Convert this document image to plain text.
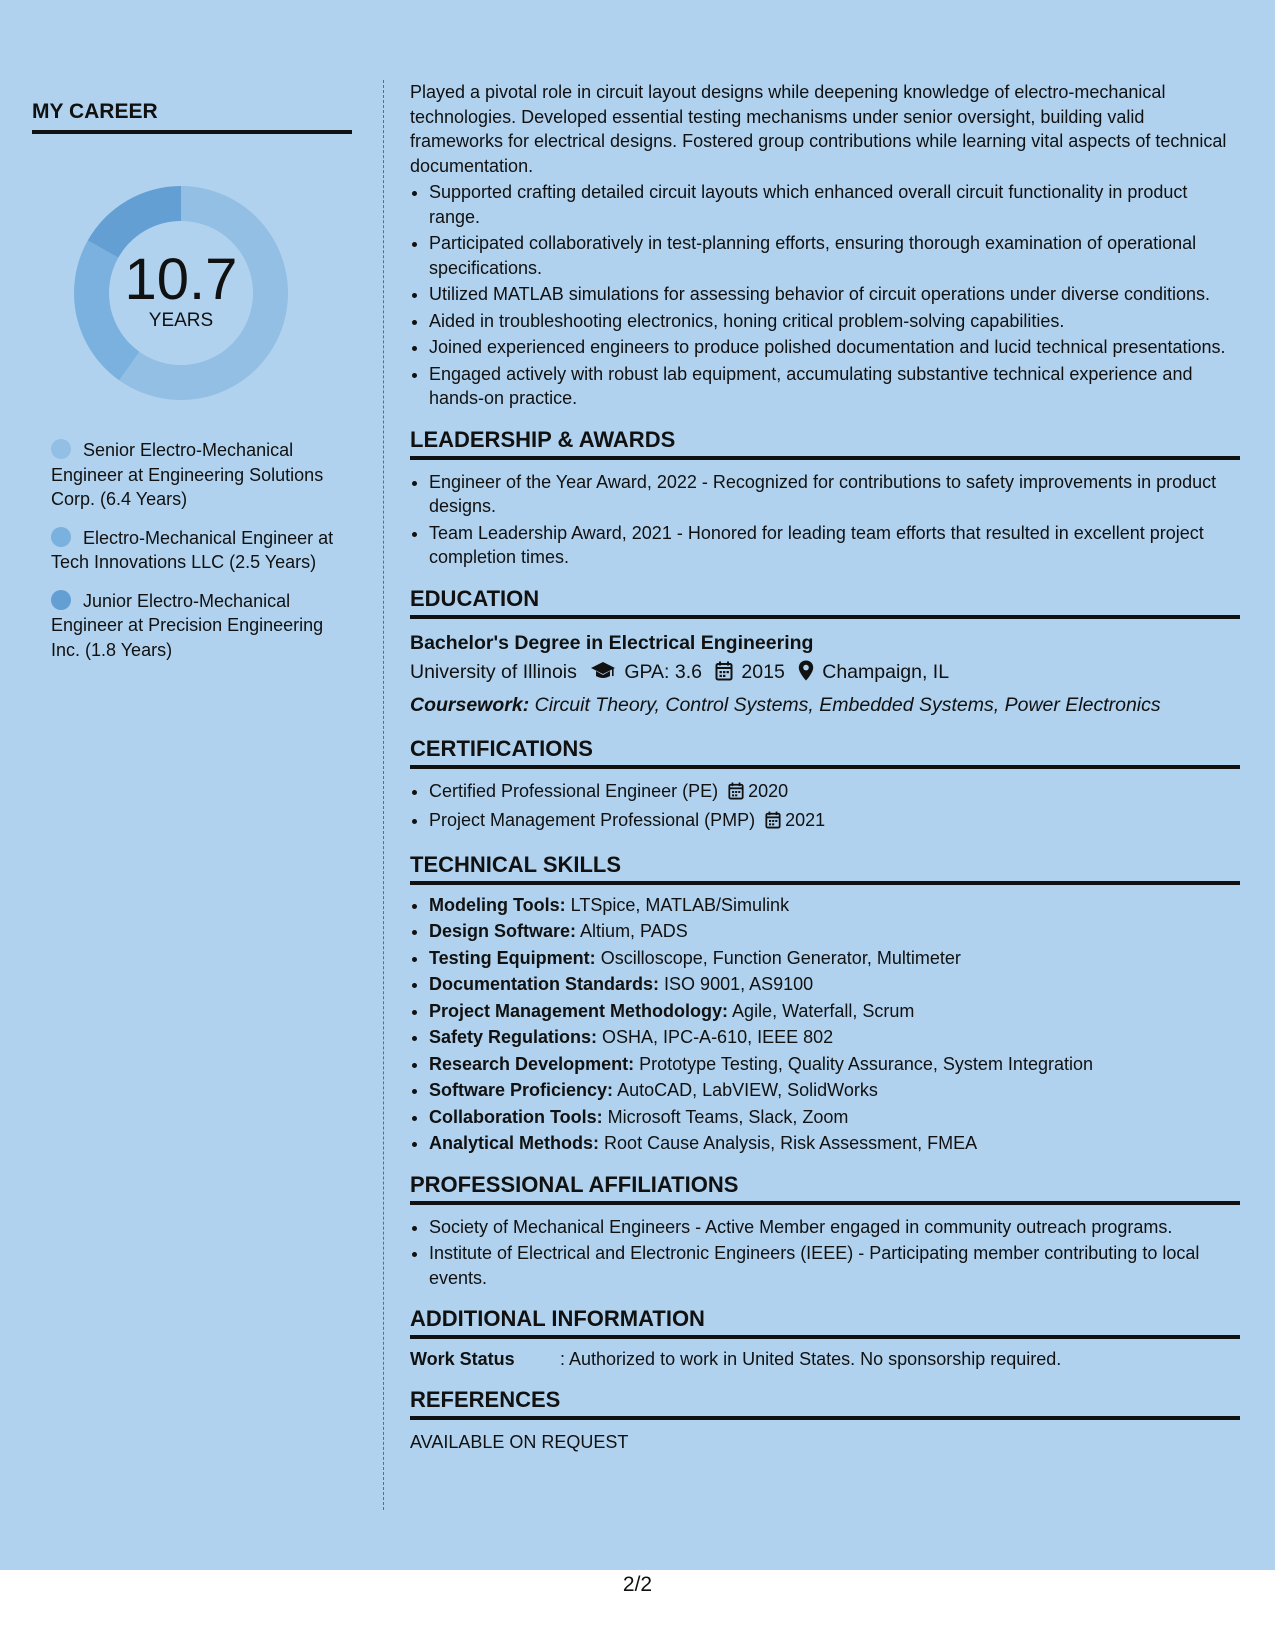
MY CAREER
10.7
YEARS
Senior Electro-Mechanical Engineer at Engineering Solutions Corp. (6.4 Years)
Electro-Mechanical Engineer at Tech Innovations LLC (2.5 Years)
Junior Electro-Mechanical Engineer at Precision Engineering Inc. (1.8 Years)

Played a pivotal role in circuit layout designs while deepening knowledge of electro-mechanical technologies. Developed essential testing mechanisms under senior oversight, building valid frameworks for electrical designs. Fostered group contributions while learning vital aspects of technical documentation.

• Supported crafting detailed circuit layouts which enhanced overall circuit functionality in product range.
• Participated collaboratively in test-planning efforts, ensuring thorough examination of operational specifications.
• Utilized MATLAB simulations for assessing behavior of circuit operations under diverse conditions.
• Aided in troubleshooting electronics, honing critical problem-solving capabilities.
• Joined experienced engineers to produce polished documentation and lucid technical presentations.
• Engaged actively with robust lab equipment, accumulating substantive technical experience and hands-on practice.
LEADERSHIP & AWARDS
• Engineer of the Year Award, 2022 - Recognized for contributions to safety improvements in product designs.
• Team Leadership Award, 2021 - Honored for leading team efforts that resulted in excellent project completion times.
EDUCATION
Bachelor's Degree in Electrical Engineering
University of Illinois GPA: 3.6 2015 Champaign, IL
Coursework: Circuit Theory, Control Systems, Embedded Systems, Power Electronics
CERTIFICATIONS
• Certified Professional Engineer (PE) 2020
• Project Management Professional (PMP) 2021
TECHNICAL SKILLS
• Modeling Tools: LTSpice, MATLAB/Simulink
• Design Software: Altium, PADS
• Testing Equipment: Oscilloscope, Function Generator, Multimeter
• Documentation Standards: ISO 9001, AS9100
• Project Management Methodology: Agile, Waterfall, Scrum
• Safety Regulations: OSHA, IPC-A-610, IEEE 802
• Research Development: Prototype Testing, Quality Assurance, System Integration
• Software Proficiency: AutoCAD, LabVIEW, SolidWorks
• Collaboration Tools: Microsoft Teams, Slack, Zoom
• Analytical Methods: Root Cause Analysis, Risk Assessment, FMEA
PROFESSIONAL AFFILIATIONS
• Society of Mechanical Engineers - Active Member engaged in community outreach programs.
• Institute of Electrical and Electronic Engineers (IEEE) - Participating member contributing to local events.
ADDITIONAL INFORMATION
Work Status	: Authorized to work in United States. No sponsorship required.
REFERENCES
AVAILABLE ON REQUEST
2/2
